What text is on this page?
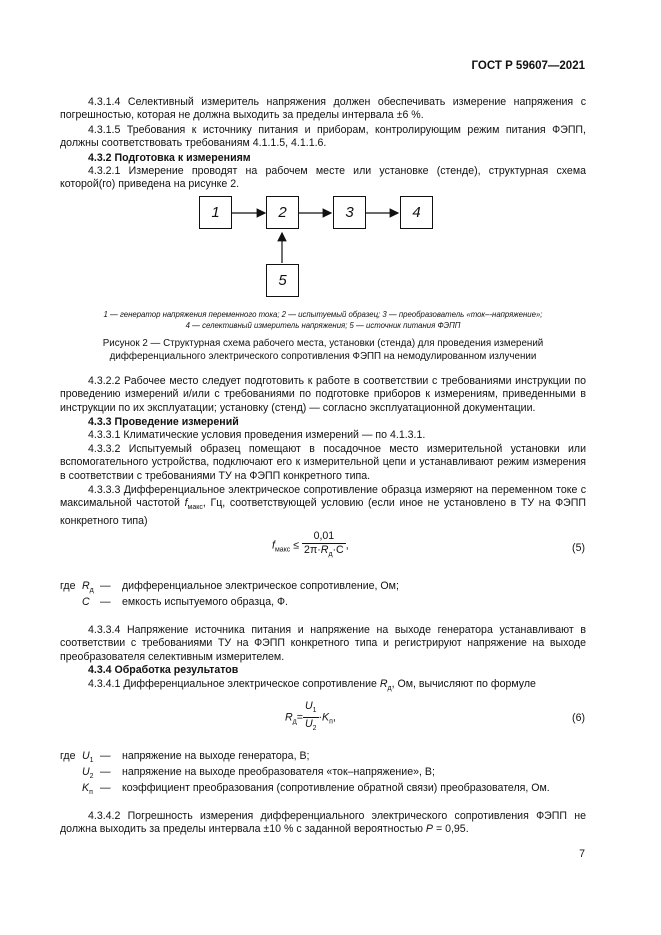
ГОСТ Р 59607—2021

4.3.1.4 Селективный измеритель напряжения должен обеспечивать измерение напряжения с погрешностью, которая не должна выходить за пределы интервала ±6 %.

4.3.1.5 Требования к источнику питания и приборам, контролирующим режим питания ФЭПП, должны соответствовать требованиям 4.1.1.5, 4.1.1.6.

4.3.2 Подготовка к измерениям

4.3.2.1 Измерение проводят на рабочем месте или установке (стенде), структурная схема которой(го) приведена на рисунке 2.

1	2	3	4
5
1 — генератор напряжения переменного тока; 2 — испытуемый образец; 3 — преобразователь «ток–-напряжение»;
4 — селективный измеритель напряжения; 5 — источник питания ФЭПП
Рисунок 2 — Структурная схема рабочего места, установки (стенда) для проведения измерений
дифференциального электрического сопротивления ФЭПП на немодулированном излучении

4.3.2.2 Рабочее место следует подготовить к работе в соответствии с требованиями инструкции по проведению измерений и/или с требованиями по подготовке приборов к измерениям, приведенными в инструкции по их эксплуатации; установку (стенд) — согласно эксплуатационной документации.

4.3.3 Проведение измерений

4.3.3.1 Климатические условия проведения измерений — по 4.1.3.1.

4.3.3.2 Испытуемый образец помещают в посадочное место измерительной установки или вспомогательного устройства, подключают его к измерительной цепи и устанавливают режим измерения в соответствии с требованиями ТУ на ФЭПП конкретного типа.

4.3.3.3 Дифференциальное электрическое сопротивление образца измеряют на переменном токе с максимальной частотой $f_{макс}$, Гц, соответствующей условию (если иное не установлено в ТУ на ФЭПП конкретного типа)

$f_{макс} \le \frac{0,01}{2\pi\cdot R_д\cdot C}$ ,	(5)
где $R_д$ — дифференциальное электрическое сопротивление, Ом;
C — емкость испытуемого образца, Ф.

4.3.3.4 Напряжение источника питания и напряжение на выходе генератора устанавливают в соответствии с требованиями ТУ на ФЭПП конкретного типа и регистрируют напряжение на выходе преобразователя селективным измерителем.

4.3.4 Обработка результатов

4.3.4.1 Дифференциальное электрическое сопротивление $R_д$, Ом, вычисляют по формуле

$R_д= \frac{U_1}{U_2} \cdot K_п$,	(6)
где $U_1$ — напряжение на выходе генератора, В;
$U_2$ — напряжение на выходе преобразователя «ток–напряжение», В;
$K_п$ — коэффициент преобразования (сопротивление обратной связи) преобразователя, Ом.

4.3.4.2 Погрешность измерения дифференциального электрического сопротивления ФЭПП не должна выходить за пределы интервала ±10 % с заданной вероятностью P = 0,95.

7
